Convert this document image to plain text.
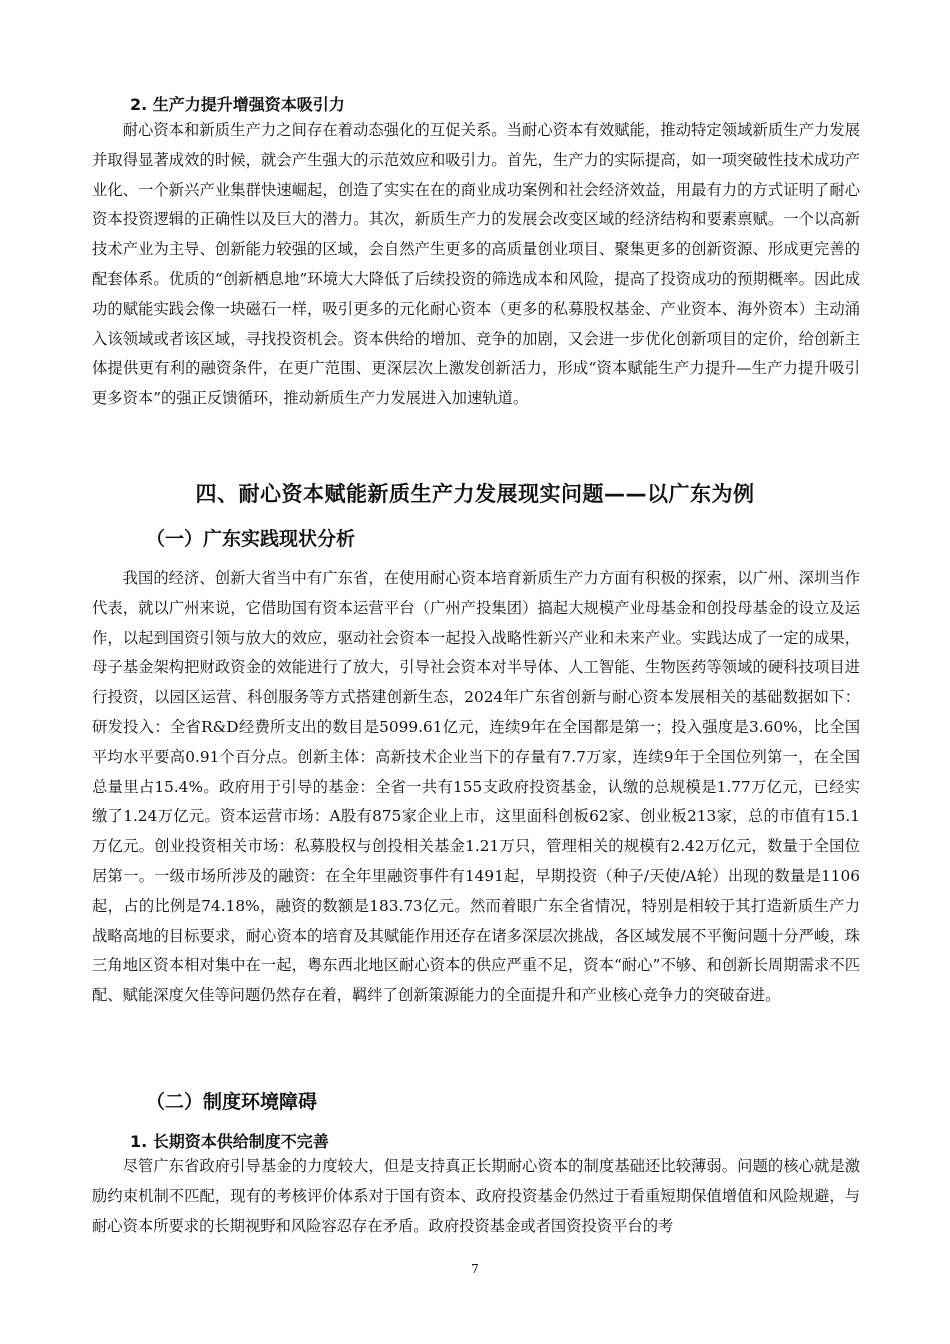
2. 生产力提升增强资本吸引力

耐心资本和新质生产力之间存在着动态强化的互促关系。当耐心资本有效赋能，推动特定领域新质生产力发展并取得显著成效的时候，就会产生强大的示范效应和吸引力。首先，生产力的实际提高，如一项突破性技术成功产业化、一个新兴产业集群快速崛起，创造了实实在在的商业成功案例和社会经济效益，用最有力的方式证明了耐心资本投资逻辑的正确性以及巨大的潜力。其次，新质生产力的发展会改变区域的经济结构和要素禀赋。一个以高新技术产业为主导、创新能力较强的区域，会自然产生更多的高质量创业项目、聚集更多的创新资源、形成更完善的配套体系。优质的“创新栖息地”环境大大降低了后续投资的筛选成本和风险，提高了投资成功的预期概率。因此成功的赋能实践会像一块磁石一样，吸引更多的元化耐心资本（更多的私募股权基金、产业资本、海外资本）主动涌入该领域或者该区域，寻找投资机会。资本供给的增加、竞争的加剧，又会进一步优化创新项目的定价，给创新主体提供更有利的融资条件，在更广范围、更深层次上激发创新活力，形成“资本赋能生产力提升—生产力提升吸引更多资本”的强正反馈循环，推动新质生产力发展进入加速轨道。

四、耐心资本赋能新质生产力发展现实问题——以广东为例
（一）广东实践现状分析

我国的经济、创新大省当中有广东省，在使用耐心资本培育新质生产力方面有积极的探索，以广州、深圳当作代表，就以广州来说，它借助国有资本运营平台（广州产投集团）搞起大规模产业母基金和创投母基金的设立及运作，以起到国资引领与放大的效应，驱动社会资本一起投入战略性新兴产业和未来产业。实践达成了一定的成果，母子基金架构把财政资金的效能进行了放大，引导社会资本对半导体、人工智能、生物医药等领域的硬科技项目进行投资，以园区运营、科创服务等方式搭建创新生态，2024年广东省创新与耐心资本发展相关的基础数据如下：研发投入：全省R&D经费所支出的数目是5099.61亿元，连续9年在全国都是第一；投入强度是3.60%，比全国平均水平要高0.91个百分点。创新主体：高新技术企业当下的存量有7.7万家，连续9年于全国位列第一，在全国总量里占15.4%。政府用于引导的基金：全省一共有155支政府投资基金，认缴的总规模是1.77万亿元，已经实缴了1.24万亿元。资本运营市场：A股有875家企业上市，这里面科创板62家、创业板213家，总的市值有15.1万亿元。创业投资相关市场：私募股权与创投相关基金1.21万只，管理相关的规模有2.42万亿元，数量于全国位居第一。一级市场所涉及的融资：在全年里融资事件有1491起，早期投资（种子/天使/A轮）出现的数量是1106起，占的比例是74.18%，融资的数额是183.73亿元。然而着眼广东全省情况，特别是相较于其打造新质生产力战略高地的目标要求，耐心资本的培育及其赋能作用还存在诸多深层次挑战，各区域发展不平衡问题十分严峻，珠三角地区资本相对集中在一起，粤东西北地区耐心资本的供应严重不足，资本“耐心”不够、和创新长周期需求不匹配、赋能深度欠佳等问题仍然存在着，羁绊了创新策源能力的全面提升和产业核心竞争力的突破奋进。

（二）制度环境障碍
1. 长期资本供给制度不完善

尽管广东省政府引导基金的力度较大，但是支持真正长期耐心资本的制度基础还比较薄弱。问题的核心就是激励约束机制不匹配，现有的考核评价体系对于国有资本、政府投资基金仍然过于看重短期保值增值和风险规避，与耐心资本所要求的长期视野和风险容忍存在矛盾。政府投资基金或者国资投资平台的考

7
